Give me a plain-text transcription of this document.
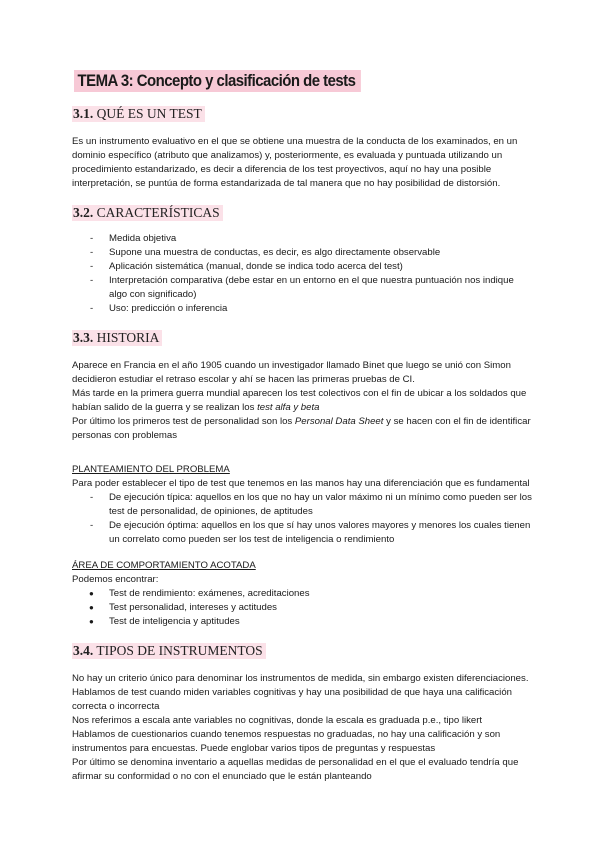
TEMA 3: Concepto y clasificación de tests
3.1. QUÉ ES UN TEST

Es un instrumento evaluativo en el que se obtiene una muestra de la conducta de los examinados, en un dominio específico (atributo que analizamos) y, posteriormente, es evaluada y puntuada utilizando un procedimiento estandarizado, es decir a diferencia de los test proyectivos, aquí no hay una posible interpretación, se puntúa de forma estandarizada de tal manera que no hay posibilidad de distorsión.

3.2. CARACTERÍSTICAS
- Medida objetiva
- Supone una muestra de conductas, es decir, es algo directamente observable
- Aplicación sistemática (manual, donde se indica todo acerca del test)
- Interpretación comparativa (debe estar en un entorno en el que nuestra puntuación nos indique algo con significado)
- Uso: predicción o inferencia
3.3. HISTORIA

Aparece en Francia en el año 1905 cuando un investigador llamado Binet que luego se unió con Simon decidieron estudiar el retraso escolar y ahí se hacen las primeras pruebas de CI.

Más tarde en la primera guerra mundial aparecen los test colectivos con el fin de ubicar a los soldados que habían salido de la guerra y se realizan los test alfa y beta

Por último los primeros test de personalidad son los Personal Data Sheet y se hacen con el fin de identificar personas con problemas

PLANTEAMIENTO DEL PROBLEMA

Para poder establecer el tipo de test que tenemos en las manos hay una diferenciación que es fundamental

- De ejecución típica: aquellos en los que no hay un valor máximo ni un mínimo como pueden ser los test de personalidad, de opiniones, de aptitudes
- De ejecución óptima: aquellos en los que sí hay unos valores mayores y menores los cuales tienen un correlato como pueden ser los test de inteligencia o rendimiento

ÁREA DE COMPORTAMIENTO ACOTADA

Podemos encontrar:

● Test de rendimiento: exámenes, acreditaciones
● Test personalidad, intereses y actitudes
● Test de inteligencia y aptitudes
3.4. TIPOS DE INSTRUMENTOS

No hay un criterio único para denominar los instrumentos de medida, sin embargo existen diferenciaciones.

Hablamos de test cuando miden variables cognitivas y hay una posibilidad de que haya una calificación correcta o incorrecta

Nos referimos a escala ante variables no cognitivas, donde la escala es graduada p.e., tipo likert

Hablamos de cuestionarios cuando tenemos respuestas no graduadas, no hay una calificación y son instrumentos para encuestas. Puede englobar varios tipos de preguntas y respuestas

Por último se denomina inventario a aquellas medidas de personalidad en el que el evaluado tendría que afirmar su conformidad o no con el enunciado que le están planteando
